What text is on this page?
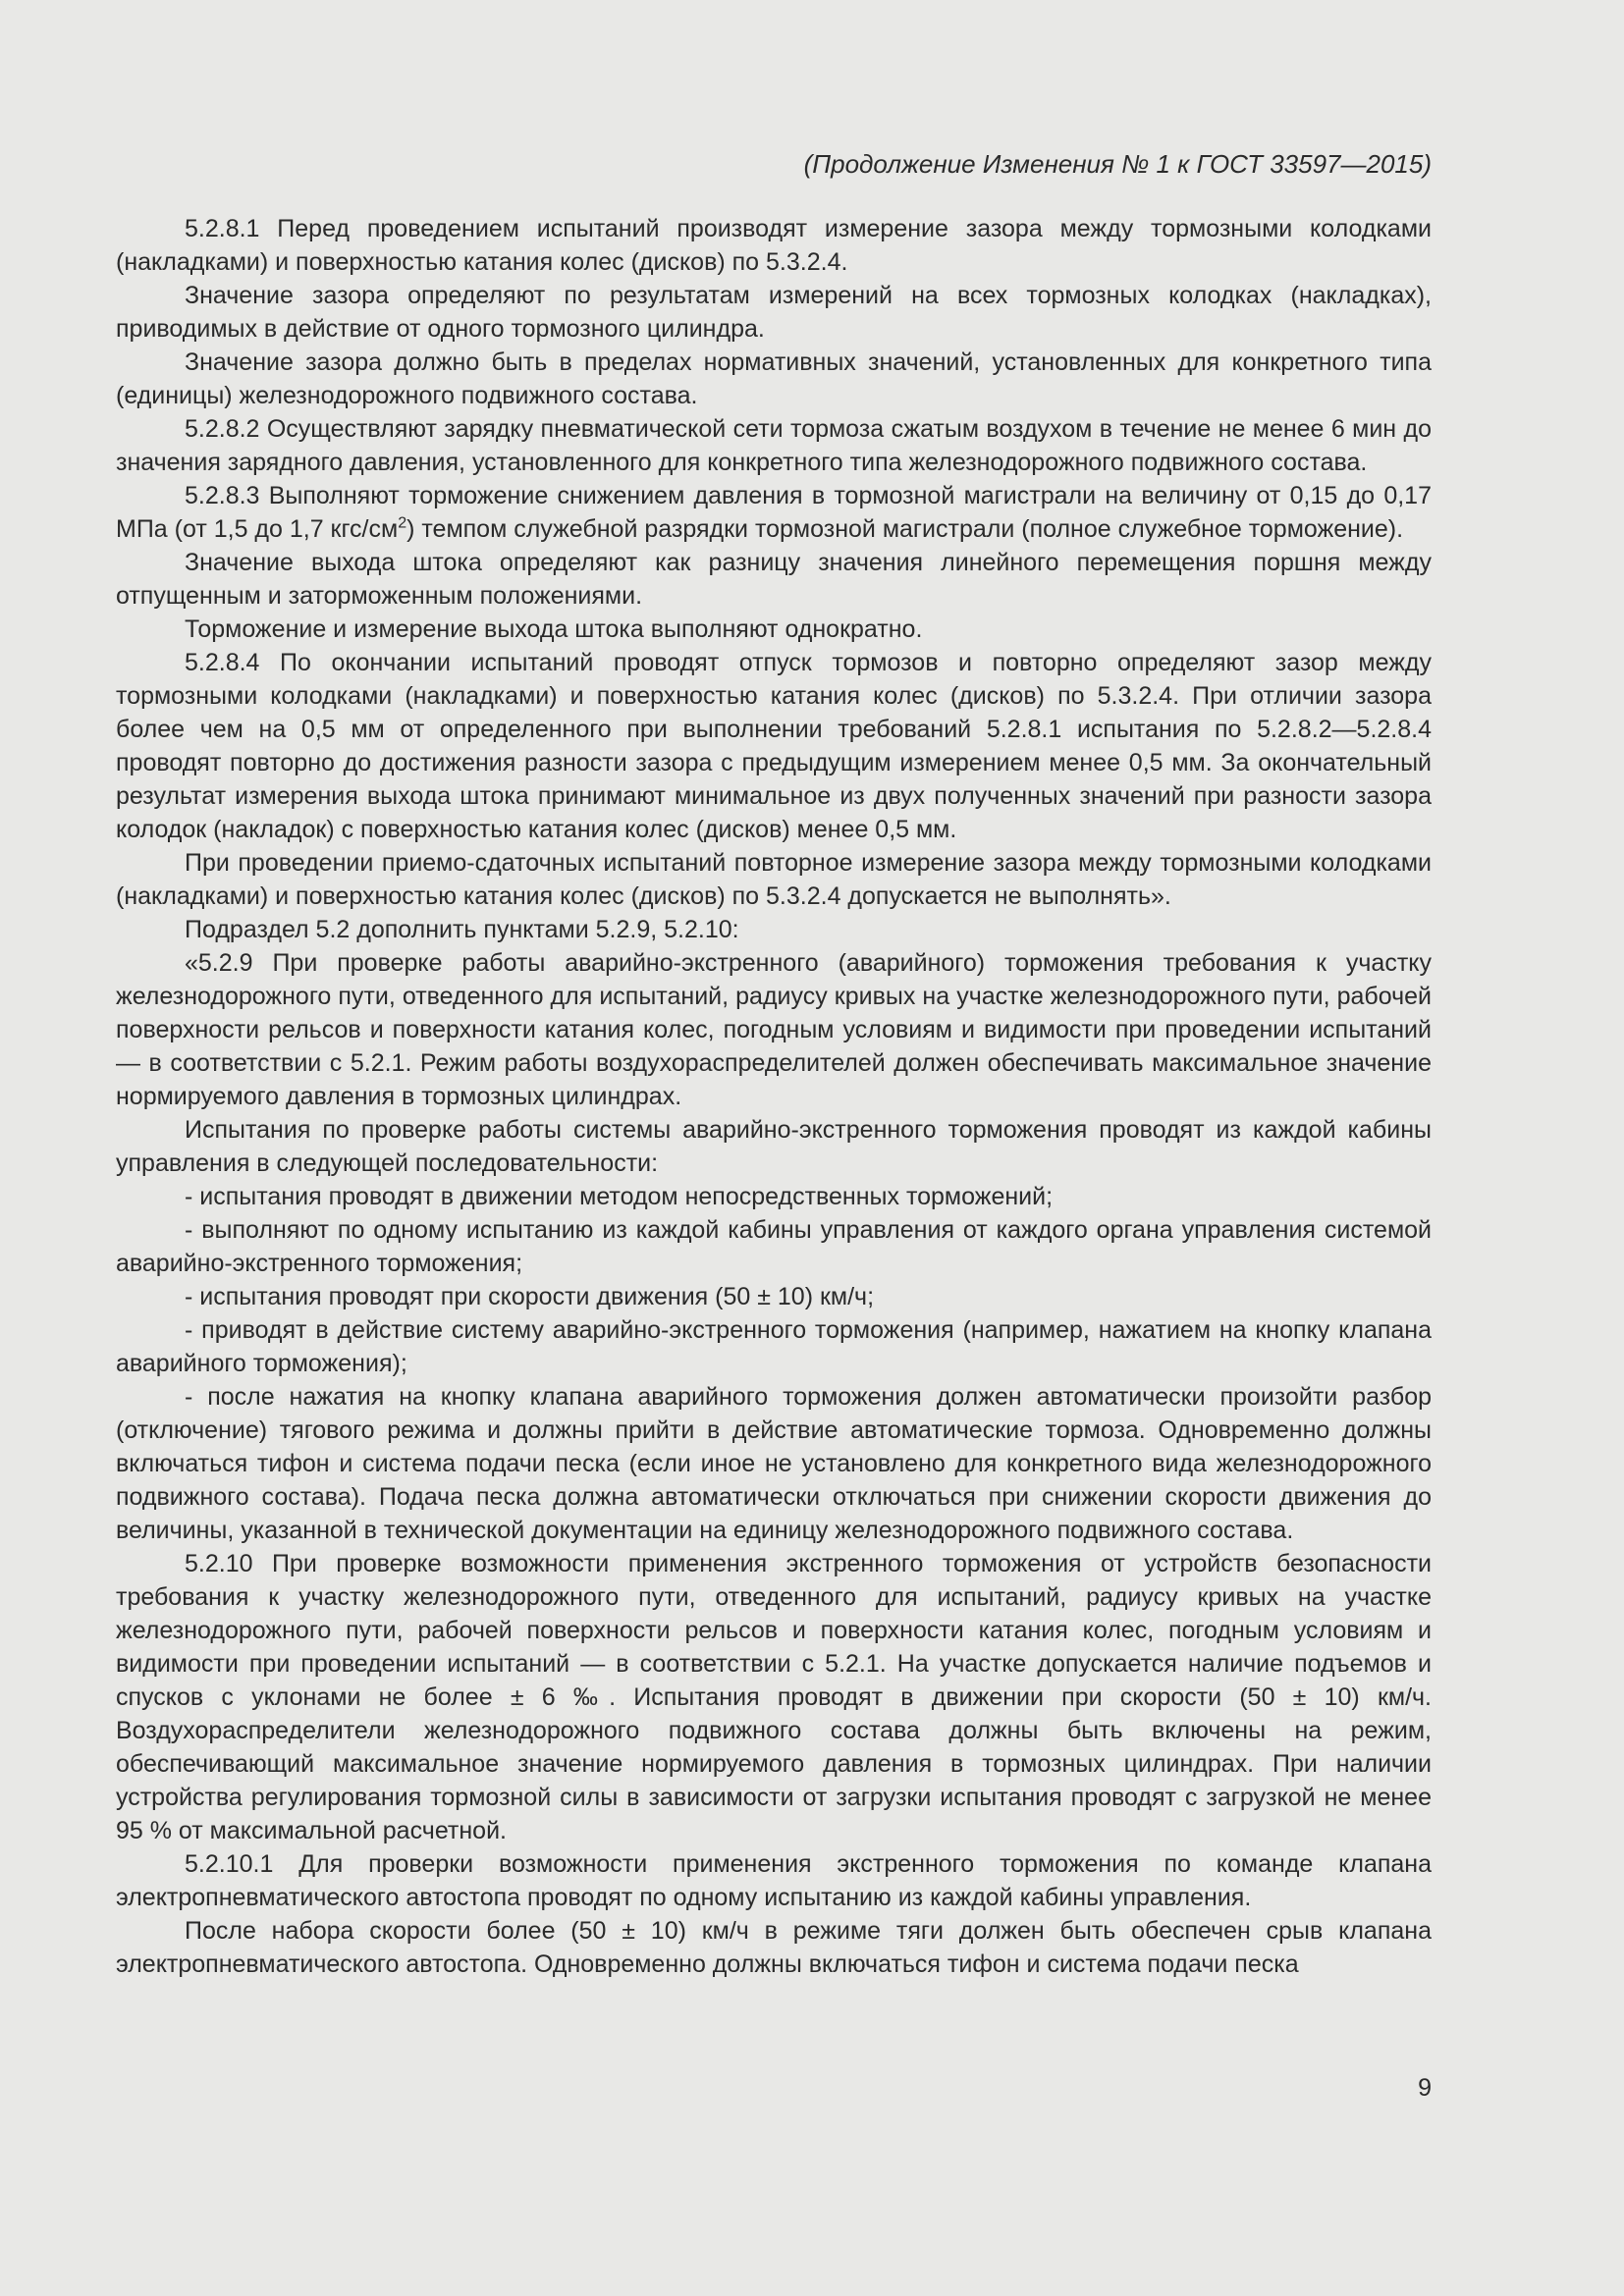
(Продолжение Изменения № 1 к ГОСТ 33597—2015)

5.2.8.1 Перед проведением испытаний производят измерение зазора между тормозными колодками (накладками) и поверхностью катания колес (дисков) по 5.3.2.4.

Значение зазора определяют по результатам измерений на всех тормозных колодках (накладках), приводимых в действие от одного тормозного цилиндра.

Значение зазора должно быть в пределах нормативных значений, установленных для конкретного типа (единицы) железнодорожного подвижного состава.

5.2.8.2 Осуществляют зарядку пневматической сети тормоза сжатым воздухом в течение не менее 6 мин до значения зарядного давления, установленного для конкретного типа железнодорожного подвижного состава.

5.2.8.3 Выполняют торможение снижением давления в тормозной магистрали на величину от 0,15 до 0,17 МПа (от 1,5 до 1,7 кгс/$см^2$) темпом служебной разрядки тормозной магистрали (полное служебное торможение).

Значение выхода штока определяют как разницу значения линейного перемещения поршня между отпущенным и заторможенным положениями.

Торможение и измерение выхода штока выполняют однократно.

5.2.8.4 По окончании испытаний проводят отпуск тормозов и повторно определяют зазор между тормозными колодками (накладками) и поверхностью катания колес (дисков) по 5.3.2.4. При отличии зазора более чем на 0,5 мм от определенного при выполнении требований 5.2.8.1 испытания по 5.2.8.2—5.2.8.4 проводят повторно до достижения разности зазора с предыдущим измерением менее 0,5 мм. За окончательный результат измерения выхода штока принимают минимальное из двух полученных значений при разности зазора колодок (накладок) с поверхностью катания колес (дисков) менее 0,5 мм.

При проведении приемо-сдаточных испытаний повторное измерение зазора между тормозными колодками (накладками) и поверхностью катания колес (дисков) по 5.3.2.4 допускается не выполнять».

Подраздел 5.2 дополнить пунктами 5.2.9, 5.2.10:

«5.2.9 При проверке работы аварийно-экстренного (аварийного) торможения требования к участку железнодорожного пути, отведенного для испытаний, радиусу кривых на участке железнодорожного пути, рабочей поверхности рельсов и поверхности катания колес, погодным условиям и видимости при проведении испытаний — в соответствии с 5.2.1. Режим работы воздухораспределителей должен обеспечивать максимальное значение нормируемого давления в тормозных цилиндрах.

Испытания по проверке работы системы аварийно-экстренного торможения проводят из каждой кабины управления в следующей последовательности:

- испытания проводят в движении методом непосредственных торможений;

- выполняют по одному испытанию из каждой кабины управления от каждого органа управления системой аварийно-экстренного торможения;

- испытания проводят при скорости движения (50 ± 10) км/ч;

- приводят в действие систему аварийно-экстренного торможения (например, нажатием на кнопку клапана аварийного торможения);

- после нажатия на кнопку клапана аварийного торможения должен автоматически произойти разбор (отключение) тягового режима и должны прийти в действие автоматические тормоза. Одновременно должны включаться тифон и система подачи песка (если иное не установлено для конкретного вида железнодорожного подвижного состава). Подача песка должна автоматически отключаться при снижении скорости движения до величины, указанной в технической документации на единицу железнодорожного подвижного состава.

5.2.10 При проверке возможности применения экстренного торможения от устройств безопасности требования к участку железнодорожного пути, отведенного для испытаний, радиусу кривых на участке железнодорожного пути, рабочей поверхности рельсов и поверхности катания колес, погодным условиям и видимости при проведении испытаний — в соответствии с 5.2.1. На участке допускается наличие подъемов и спусков с уклонами не более ± 6 ‰. Испытания проводят в движении при скорости (50 ± 10) км/ч. Воздухораспределители железнодорожного подвижного состава должны быть включены на режим, обеспечивающий максимальное значение нормируемого давления в тормозных цилиндрах. При наличии устройства регулирования тормозной силы в зависимости от загрузки испытания проводят с загрузкой не менее 95 % от максимальной расчетной.

5.2.10.1 Для проверки возможности применения экстренного торможения по команде клапана электропневматического автостопа проводят по одному испытанию из каждой кабины управления.

После набора скорости более (50 ± 10) км/ч в режиме тяги должен быть обеспечен срыв клапана электропневматического автостопа. Одновременно должны включаться тифон и система подачи песка

9
